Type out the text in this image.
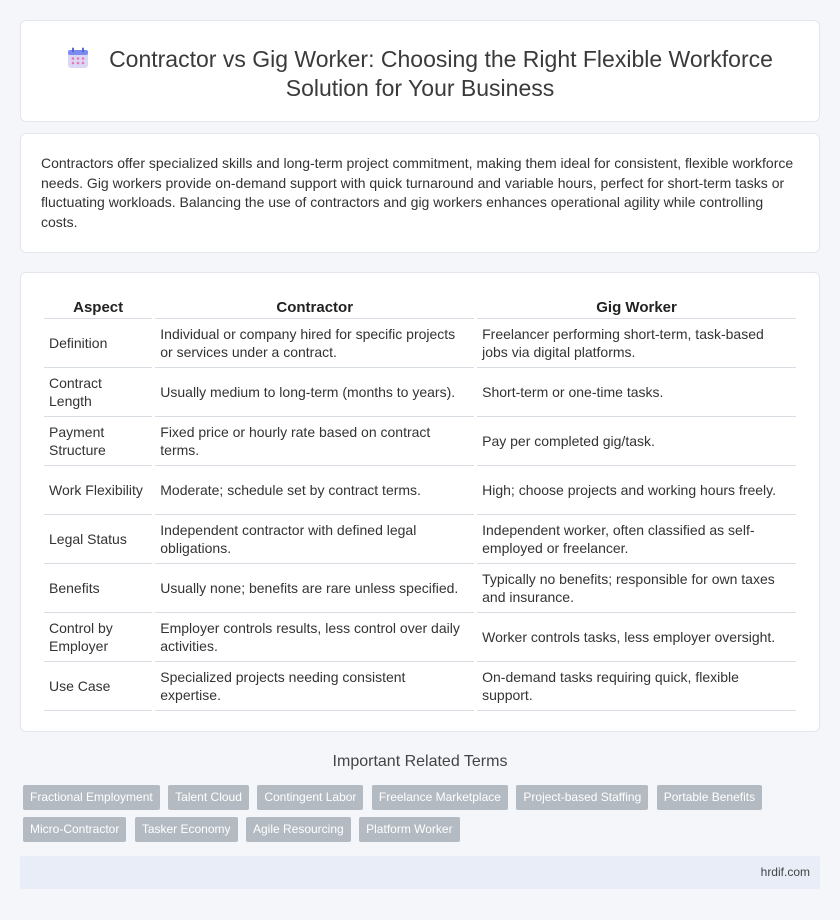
Contractor vs Gig Worker: Choosing the Right Flexible Workforce Solution for Your Business

Contractors offer specialized skills and long-term project commitment, making them ideal for consistent, flexible workforce needs. Gig workers provide on-demand support with quick turnaround and variable hours, perfect for short-term tasks or fluctuating workloads. Balancing the use of contractors and gig workers enhances operational agility while controlling costs.

Aspect	Contractor	Gig Worker
Definition	Individual or company hired for specific projects or services under a contract.	Freelancer performing short-term, task-based jobs via digital platforms.
Contract Length	Usually medium to long-term (months to years).	Short-term or one-time tasks.
Payment Structure	Fixed price or hourly rate based on contract terms.	Pay per completed gig/task.
Work Flexibility	Moderate; schedule set by contract terms.	High; choose projects and working hours freely.
Legal Status	Independent contractor with defined legal obligations.	Independent worker, often classified as self-employed or freelancer.
Benefits	Usually none; benefits are rare unless specified.	Typically no benefits; responsible for own taxes and insurance.
Control by Employer	Employer controls results, less control over daily activities.	Worker controls tasks, less employer oversight.
Use Case	Specialized projects needing consistent expertise.	On-demand tasks requiring quick, flexible support.
Important Related Terms
Fractional Employment Talent Cloud Contingent Labor Freelance Marketplace Project-based Staffing Portable Benefits Micro-Contractor Tasker Economy Agile Resourcing Platform Worker
hrdif.com
